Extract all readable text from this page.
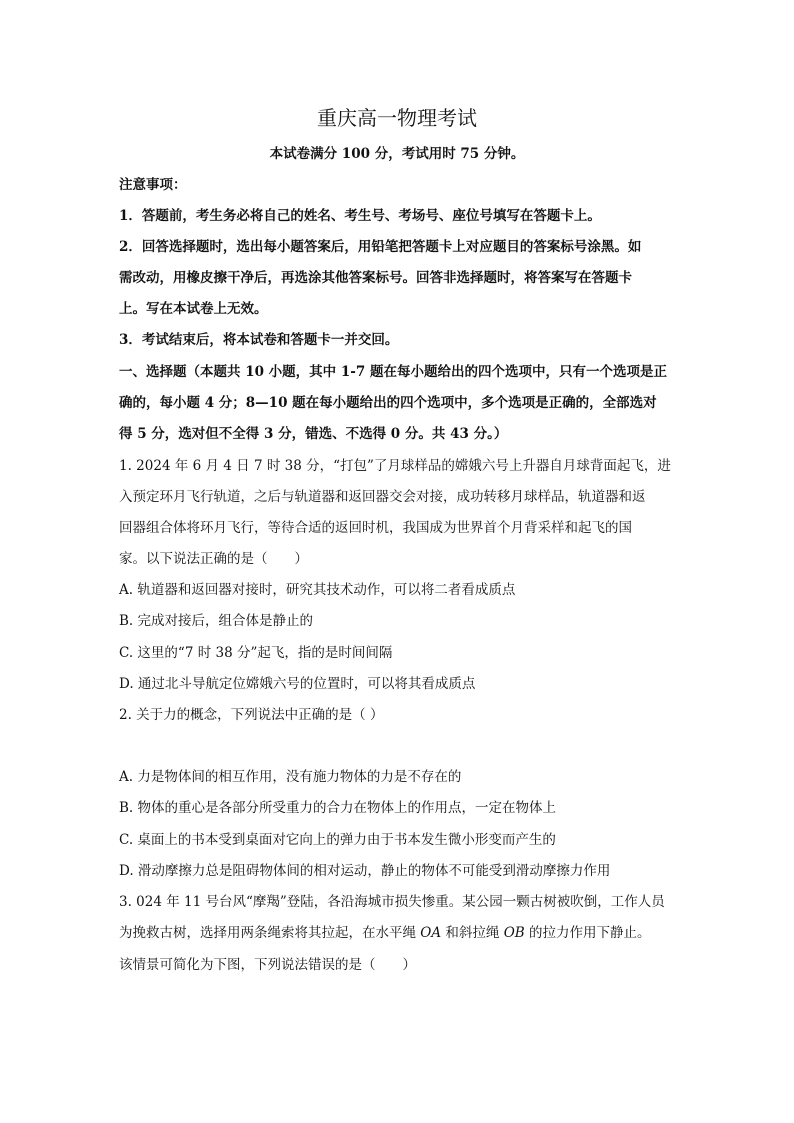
重庆高一物理考试
本试卷满分 100 分，考试用时 75 分钟。
注意事项：
1．答题前，考生务必将自己的姓名、考生号、考场号、座位号填写在答题卡上。
2．回答选择题时，选出每小题答案后，用铅笔把答题卡上对应题目的答案标号涂黑。如
需改动，用橡皮擦干净后，再选涂其他答案标号。回答非选择题时，将答案写在答题卡
上。写在本试卷上无效。
3．考试结束后，将本试卷和答题卡一并交回。
一、选择题（本题共 10 小题，其中 1-7 题在每小题给出的四个选项中，只有一个选项是正
确的，每小题 4 分；8—10 题在每小题给出的四个选项中，多个选项是正确的，全部选对
得 5 分，选对但不全得 3 分，错选、不选得 0 分。共 43 分。）
1. 2024 年 6 月 4 日 7 时 38 分，“打包”了月球样品的嫦娥六号上升器自月球背面起飞，进
入预定环月飞行轨道，之后与轨道器和返回器交会对接，成功转移月球样品，轨道器和返
回器组合体将环月飞行，等待合适的返回时机，我国成为世界首个月背采样和起飞的国
家。以下说法正确的是（　　）
A. 轨道器和返回器对接时，研究其技术动作，可以将二者看成质点
B. 完成对接后，组合体是静止的
C. 这里的“7 时 38 分”起飞，指的是时间间隔
D. 通过北斗导航定位嫦娥六号的位置时，可以将其看成质点
2. 关于力的概念，下列说法中正确的是（ ）
A. 力是物体间的相互作用，没有施力物体的力是不存在的
B. 物体的重心是各部分所受重力的合力在物体上的作用点，一定在物体上
C. 桌面上的书本受到桌面对它向上的弹力由于书本发生微小形变而产生的
D. 滑动摩擦力总是阻碍物体间的相对运动，静止的物体不可能受到滑动摩擦力作用
3. 024 年 11 号台风“摩羯”登陆，各沿海城市损失惨重。某公园一颗古树被吹倒，工作人员
为挽救古树，选择用两条绳索将其拉起，在水平绳 OA 和斜拉绳 OB 的拉力作用下静止。
该情景可简化为下图，下列说法错误的是（　　）
